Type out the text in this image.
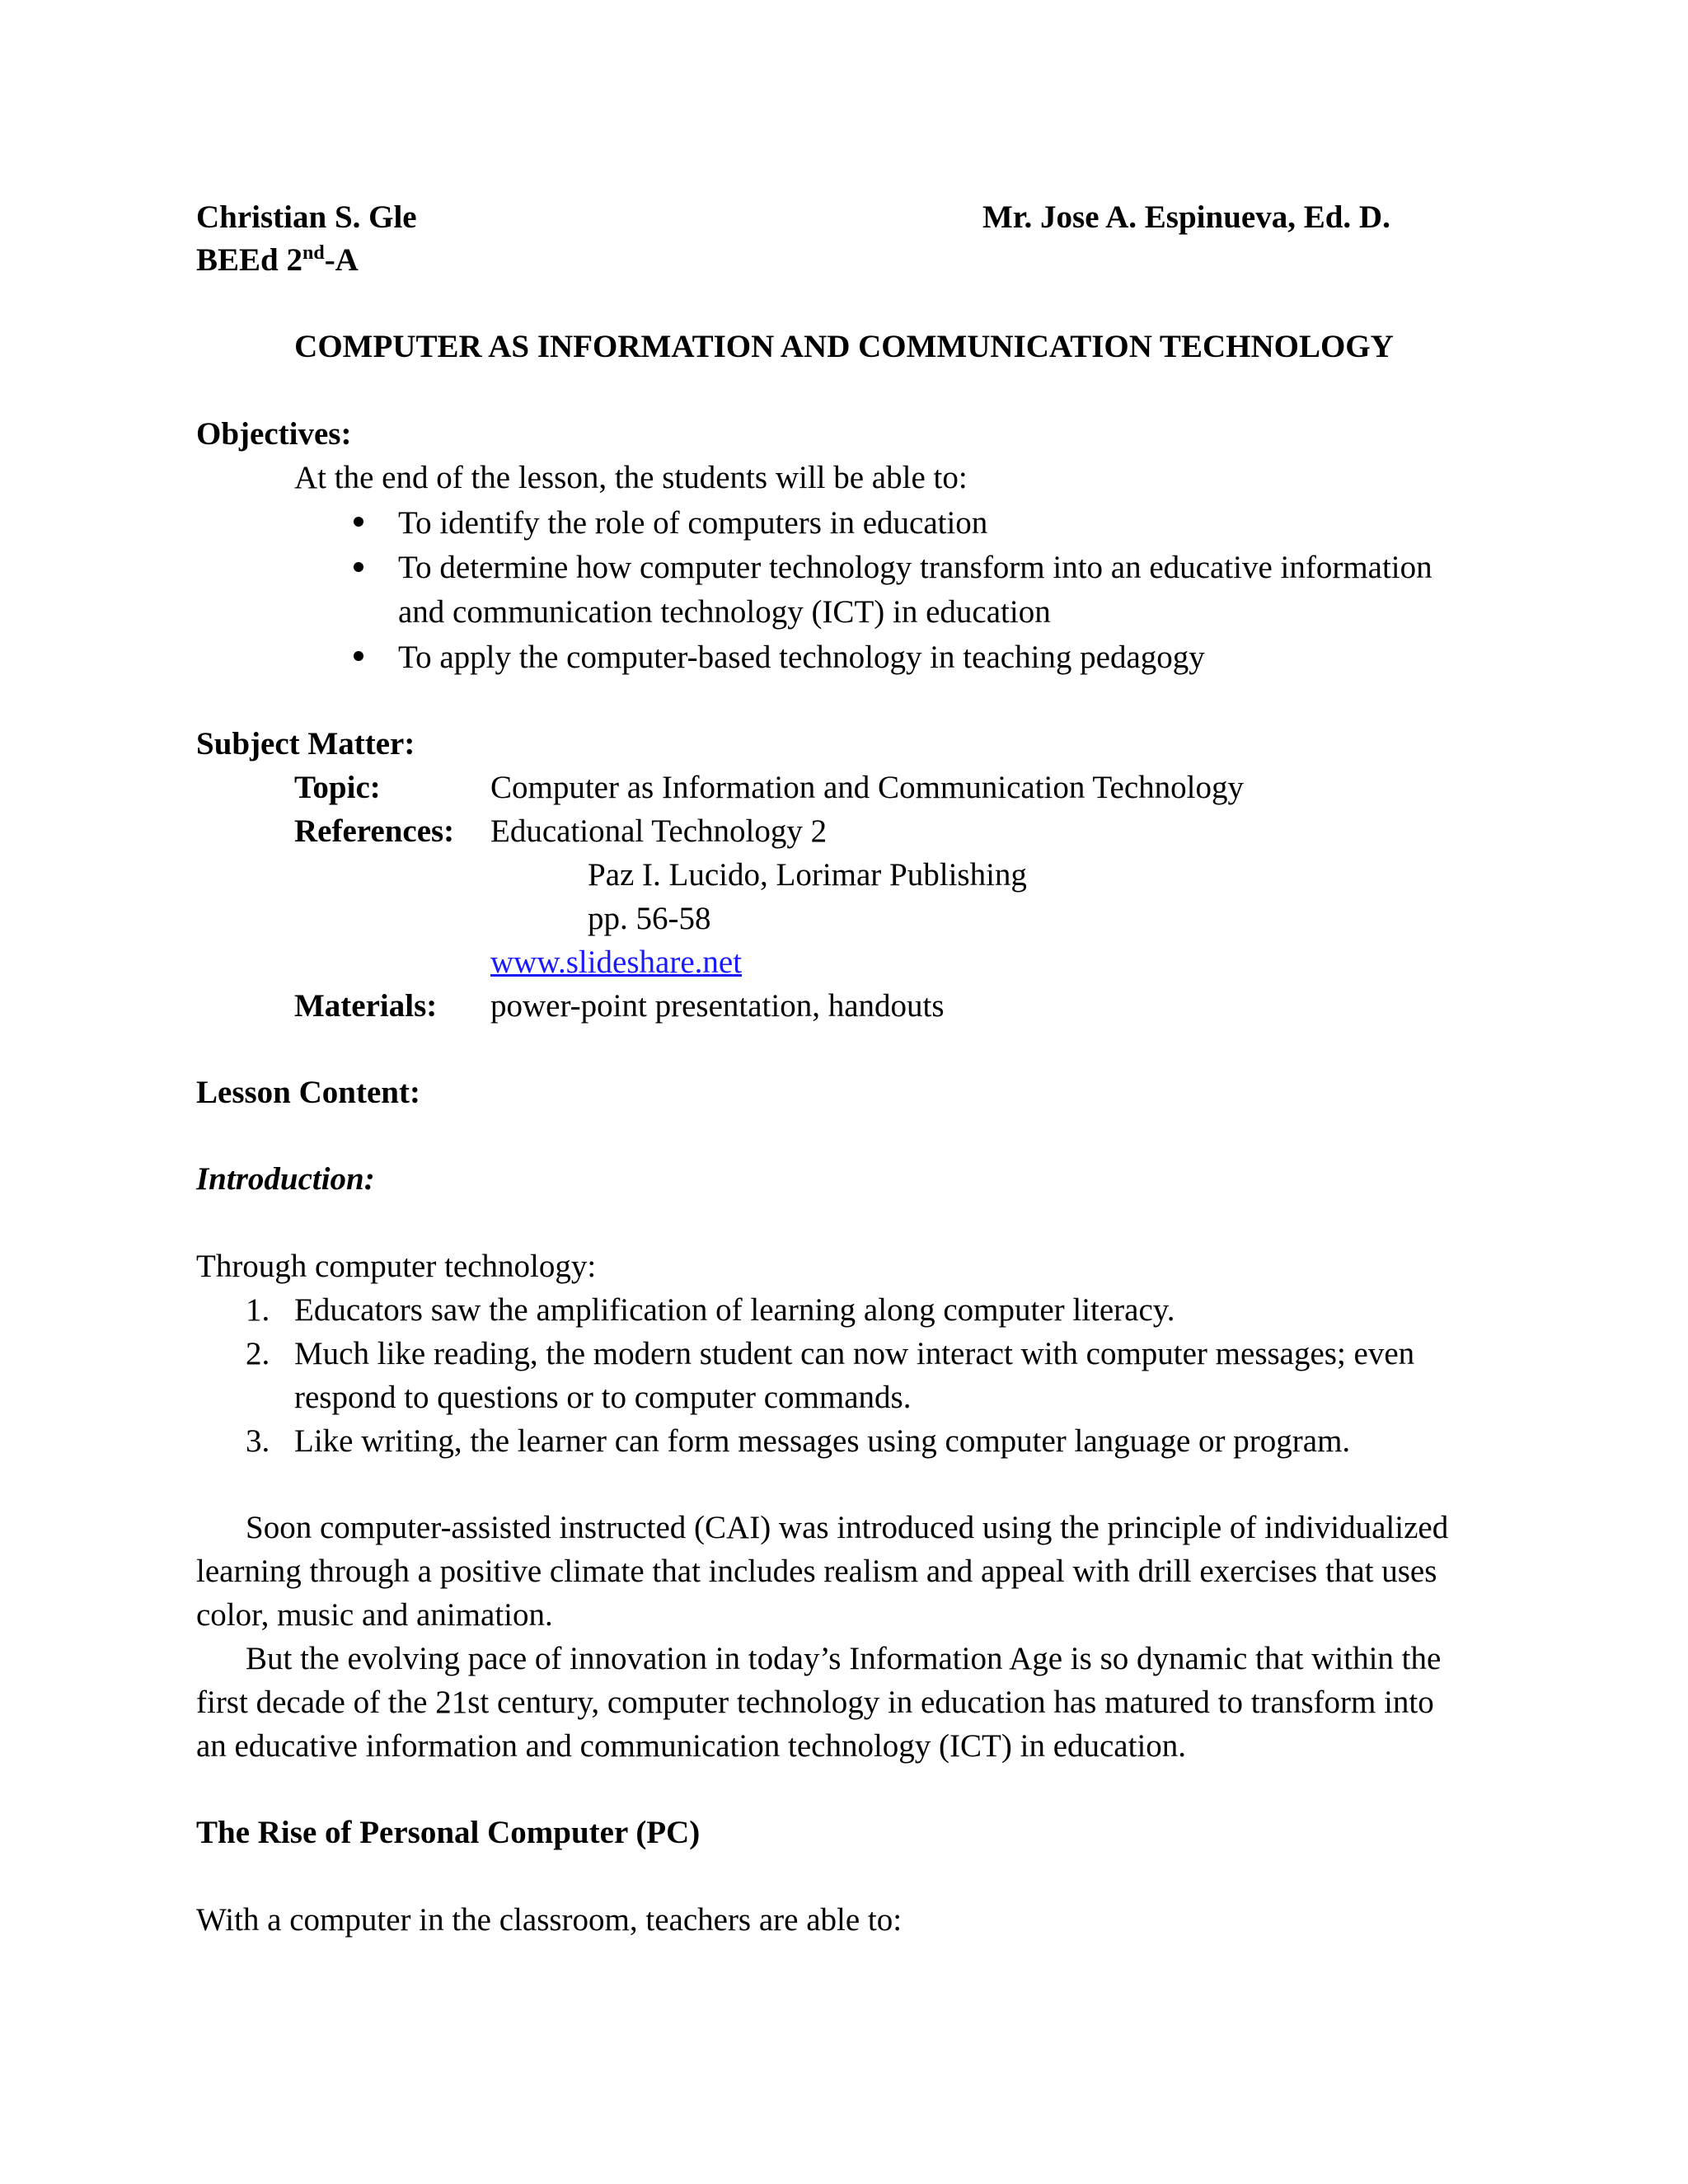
Christian S. Gle	Mr. Jose A. Espinueva, Ed. D.
BEEd 2nd-A
COMPUTER AS INFORMATION AND COMMUNICATION TECHNOLOGY
Objectives:
At the end of the lesson, the students will be able to:
To identify the role of computers in education
To determine how computer technology transform into an educative information
and communication technology (ICT) in education
To apply the computer-based technology in teaching pedagogy
Subject Matter:
Topic:	Computer as Information and Communication Technology
References: Educational Technology 2
Paz I. Lucido, Lorimar Publishing
pp. 56-58
www.slideshare.net
Materials: power-point presentation, handouts
Lesson Content:
Introduction:
Through computer technology:
1. Educators saw the amplification of learning along computer literacy.
2. Much like reading, the modern student can now interact with computer messages; even
respond to questions or to computer commands.
3. Like writing, the learner can form messages using computer language or program.
Soon computer-assisted instructed (CAI) was introduced using the principle of individualized
learning through a positive climate that includes realism and appeal with drill exercises that uses
color, music and animation.
But the evolving pace of innovation in today’s Information Age is so dynamic that within the
first decade of the 21st century, computer technology in education has matured to transform into
an educative information and communication technology (ICT) in education.
The Rise of Personal Computer (PC)
With a computer in the classroom, teachers are able to:
